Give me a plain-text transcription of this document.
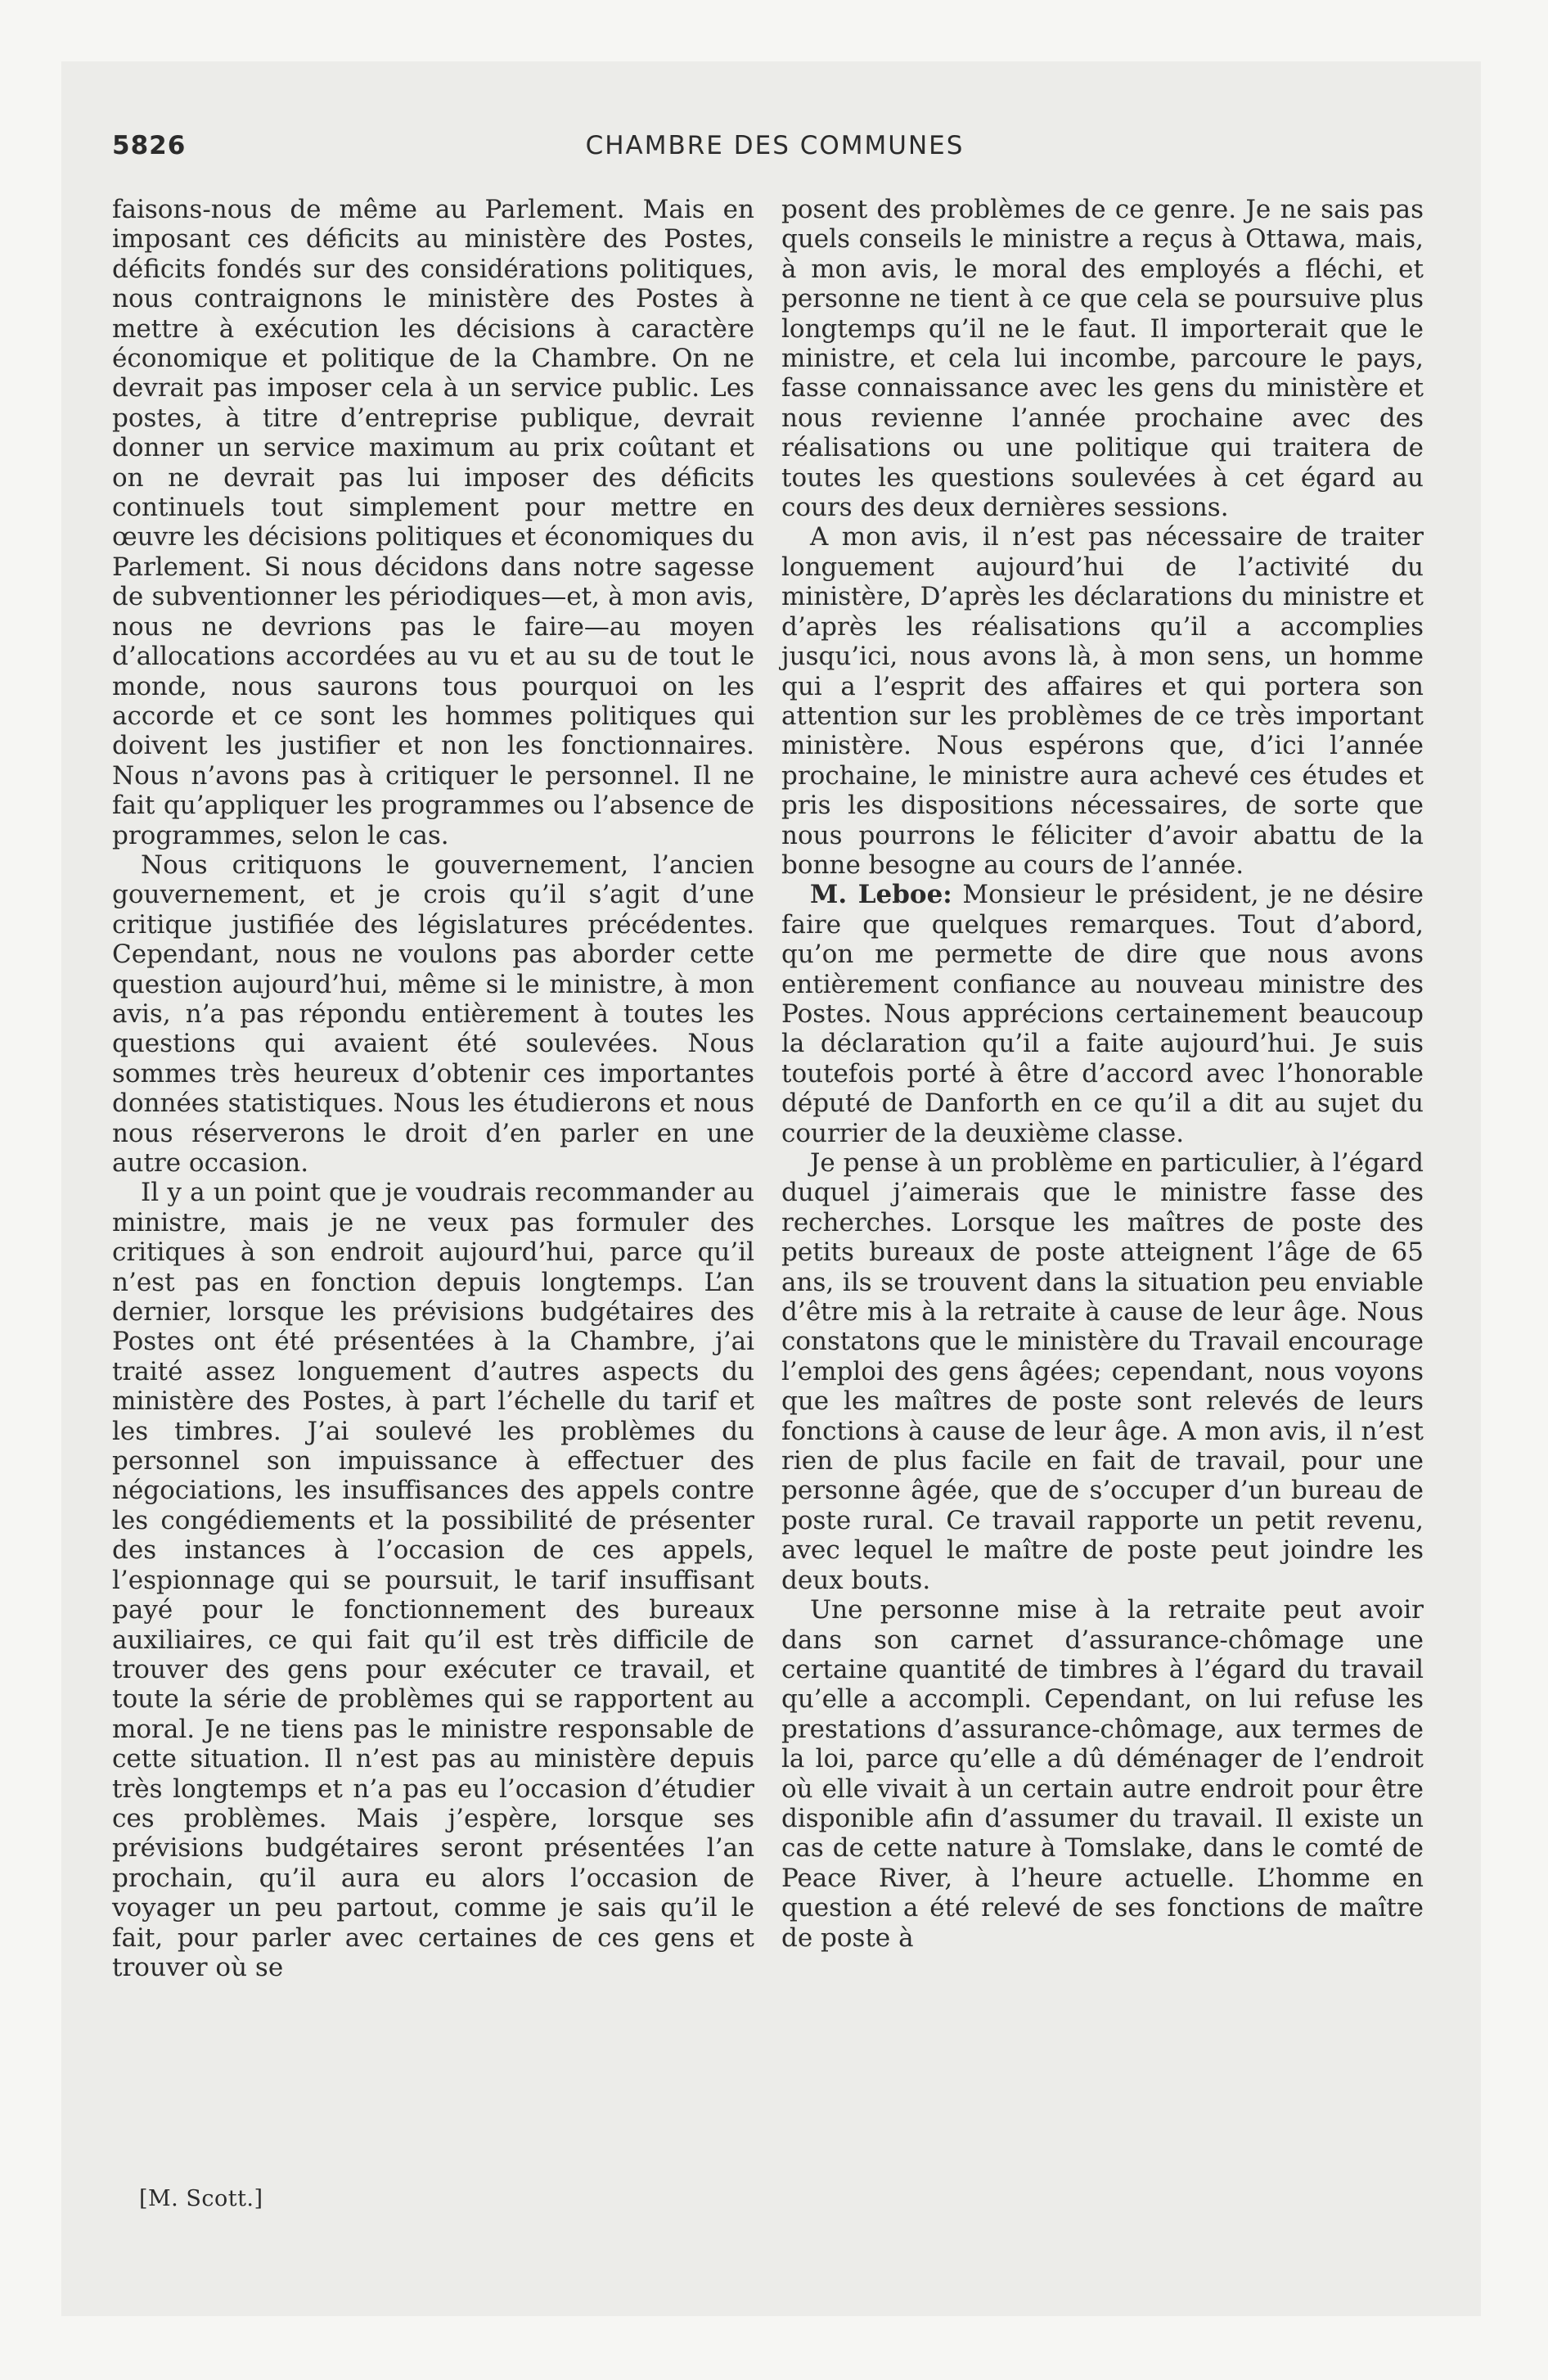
5826	CHAMBRE DES COMMUNES

faisons-nous de même au Parlement. Mais en imposant ces déficits au ministère des Postes, déficits fondés sur des considérations politiques, nous contraignons le ministère des Postes à mettre à exécution les décisions à caractère économique et politique de la Chambre. On ne devrait pas imposer cela à un service public. Les postes, à titre d’entreprise publique, devrait donner un service maximum au prix coûtant et on ne devrait pas lui imposer des déficits continuels tout simplement pour mettre en œuvre les décisions politiques et économiques du Parlement. Si nous décidons dans notre sagesse de subventionner les périodiques—et, à mon avis, nous ne devrions pas le faire—au moyen d’allocations accordées au vu et au su de tout le monde, nous saurons tous pourquoi on les accorde et ce sont les hommes politiques qui doivent les justifier et non les fonctionnaires. Nous n’avons pas à critiquer le personnel. Il ne fait qu’appliquer les programmes ou l’absence de programmes, selon le cas.

Nous critiquons le gouvernement, l’ancien gouvernement, et je crois qu’il s’agit d’une critique justifiée des législatures précédentes. Cependant, nous ne voulons pas aborder cette question aujourd’hui, même si le ministre, à mon avis, n’a pas répondu entièrement à toutes les questions qui avaient été soulevées. Nous sommes très heureux d’obtenir ces importantes données statistiques. Nous les étudierons et nous nous réserverons le droit d’en parler en une autre occasion.

Il y a un point que je voudrais recommander au ministre, mais je ne veux pas formuler des critiques à son endroit aujourd’hui, parce qu’il n’est pas en fonction depuis longtemps. L’an dernier, lorsque les prévisions budgétaires des Postes ont été présentées à la Chambre, j’ai traité assez longuement d’autres aspects du ministère des Postes, à part l’échelle du tarif et les timbres. J’ai soulevé les problèmes du personnel son impuissance à effectuer des négociations, les insuffisances des appels contre les congédiements et la possibilité de présenter des instances à l’occasion de ces appels, l’espionnage qui se poursuit, le tarif insuffisant payé pour le fonctionnement des bureaux auxiliaires, ce qui fait qu’il est très difficile de trouver des gens pour exécuter ce travail, et toute la série de problèmes qui se rapportent au moral. Je ne tiens pas le ministre responsable de cette situation. Il n’est pas au ministère depuis très longtemps et n’a pas eu l’occasion d’étudier ces problèmes. Mais j’espère, lorsque ses prévisions budgétaires seront présentées l’an prochain, qu’il aura eu alors l’occasion de voyager un peu partout, comme je sais qu’il le fait, pour parler avec certaines de ces gens et trouver où se

posent des problèmes de ce genre. Je ne sais pas quels conseils le ministre a reçus à Ottawa, mais, à mon avis, le moral des employés a fléchi, et personne ne tient à ce que cela se poursuive plus longtemps qu’il ne le faut. Il importerait que le ministre, et cela lui incombe, parcoure le pays, fasse connaissance avec les gens du ministère et nous revienne l’année prochaine avec des réalisations ou une politique qui traitera de toutes les questions soulevées à cet égard au cours des deux dernières sessions.

A mon avis, il n’est pas nécessaire de traiter longuement aujourd’hui de l’activité du ministère, D’après les déclarations du ministre et d’après les réalisations qu’il a accomplies jusqu’ici, nous avons là, à mon sens, un homme qui a l’esprit des affaires et qui portera son attention sur les problèmes de ce très important ministère. Nous espérons que, d’ici l’année prochaine, le ministre aura achevé ces études et pris les dispositions nécessaires, de sorte que nous pourrons le féliciter d’avoir abattu de la bonne besogne au cours de l’année.

M. Leboe: Monsieur le président, je ne désire faire que quelques remarques. Tout d’abord, qu’on me permette de dire que nous avons entièrement confiance au nouveau ministre des Postes. Nous apprécions certainement beaucoup la déclaration qu’il a faite aujourd’hui. Je suis toutefois porté à être d’accord avec l’honorable député de Danforth en ce qu’il a dit au sujet du courrier de la deuxième classe.

Je pense à un problème en particulier, à l’égard duquel j’aimerais que le ministre fasse des recherches. Lorsque les maîtres de poste des petits bureaux de poste atteignent l’âge de 65 ans, ils se trouvent dans la situation peu enviable d’être mis à la retraite à cause de leur âge. Nous constatons que le ministère du Travail encourage l’emploi des gens âgées; cependant, nous voyons que les maîtres de poste sont relevés de leurs fonctions à cause de leur âge. A mon avis, il n’est rien de plus facile en fait de travail, pour une personne âgée, que de s’occuper d’un bureau de poste rural. Ce travail rapporte un petit revenu, avec lequel le maître de poste peut joindre les deux bouts.

Une personne mise à la retraite peut avoir dans son carnet d’assurance-chômage une certaine quantité de timbres à l’égard du travail qu’elle a accompli. Cependant, on lui refuse les prestations d’assurance-chômage, aux termes de la loi, parce qu’elle a dû déménager de l’endroit où elle vivait à un certain autre endroit pour être disponible afin d’assumer du travail. Il existe un cas de cette nature à Tomslake, dans le comté de Peace River, à l’heure actuelle. L’homme en question a été relevé de ses fonctions de maître de poste à

[M. Scott.]
